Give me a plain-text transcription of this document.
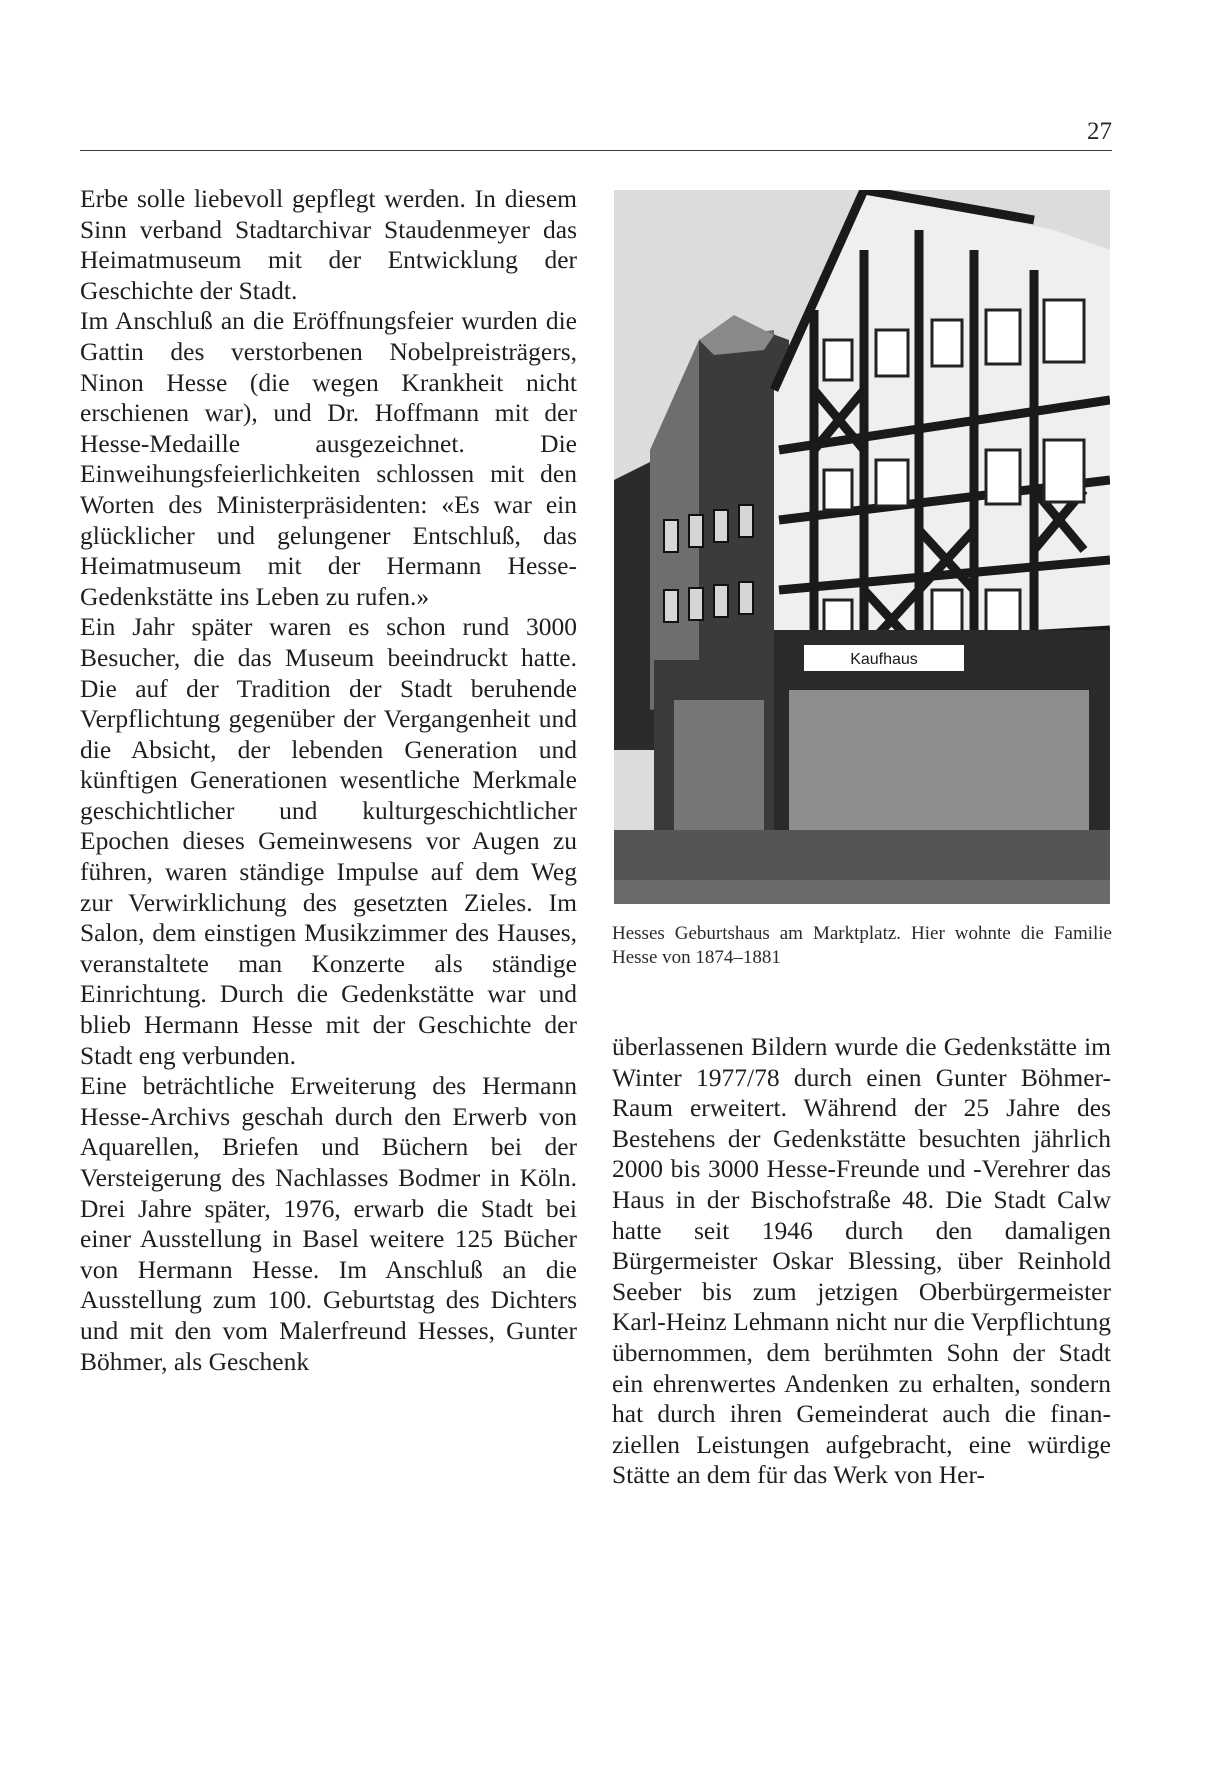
27

Erbe solle liebevoll gepflegt werden. In diesem Sinn verband Stadtarchivar Staudenmeyer das Heimatmuseum mit der Entwicklung der Geschichte der Stadt.

Im Anschluß an die Eröffnungsfeier wurden die Gattin des verstorbenen Nobelpreisträgers, Ninon Hesse (die wegen Krankheit nicht erschienen war), und Dr. Hoffmann mit der Hesse-Medaille ausgezeichnet. Die Einweihungsfeierlichkeiten schlossen mit den Worten des Ministerpräsidenten: «Es war ein glücklicher und gelungener Entschluß, das Heimatmuseum mit der Hermann Hesse-Gedenkstätte ins Leben zu rufen.»

Ein Jahr später waren es schon rund 3000 Besucher, die das Museum beeindruckt hatte. Die auf der Tradition der Stadt beruhende Verpflichtung gegenüber der Vergangenheit und die Absicht, der lebenden Generation und künftigen Generationen wesentliche Merkmale geschichtlicher und kulturgeschichtlicher Epochen dieses Gemeinwesens vor Augen zu führen, waren ständige Impulse auf dem Weg zur Verwirklichung des gesetzten Zieles. Im Salon, dem einstigen Musikzimmer des Hauses, veranstaltete man Konzerte als ständige Einrichtung. Durch die Gedenkstätte war und blieb Hermann Hesse mit der Geschichte der Stadt eng verbunden.

Eine beträchtliche Erweiterung des Hermann Hesse-Archivs geschah durch den Erwerb von Aquarellen, Briefen und Büchern bei der Versteigerung des Nachlasses Bodmer in Köln. Drei Jahre später, 1976, erwarb die Stadt bei einer Ausstellung in Basel weitere 125 Bücher von Hermann Hesse. Im Anschluß an die Ausstellung zum 100. Geburtstag des Dichters und mit den vom Malerfreund Hesses, Gunter Böhmer, als Geschenk

Kaufhaus
Hesses Geburtshaus am Marktplatz. Hier wohnte die Familie Hesse von 1874–1881

überlassenen Bildern wurde die Gedenkstätte im Winter 1977/78 durch einen Gunter Böhmer-Raum erweitert. Während der 25 Jahre des Bestehens der Gedenkstätte besuchten jährlich 2000 bis 3000 Hesse-Freunde und -Verehrer das Haus in der Bischofstraße 48. Die Stadt Calw hatte seit 1946 durch den damaligen Bürgermeister Oskar Blessing, über Reinhold Seeber bis zum jetzigen Oberbürgermeister Karl-Heinz Lehmann nicht nur die Verpflichtung übernommen, dem berühmten Sohn der Stadt ein ehrenwertes Andenken zu erhalten, sondern hat durch ihren Gemeinderat auch die finanziellen Leistungen aufgebracht, eine würdige Stätte an dem für das Werk von Her-
